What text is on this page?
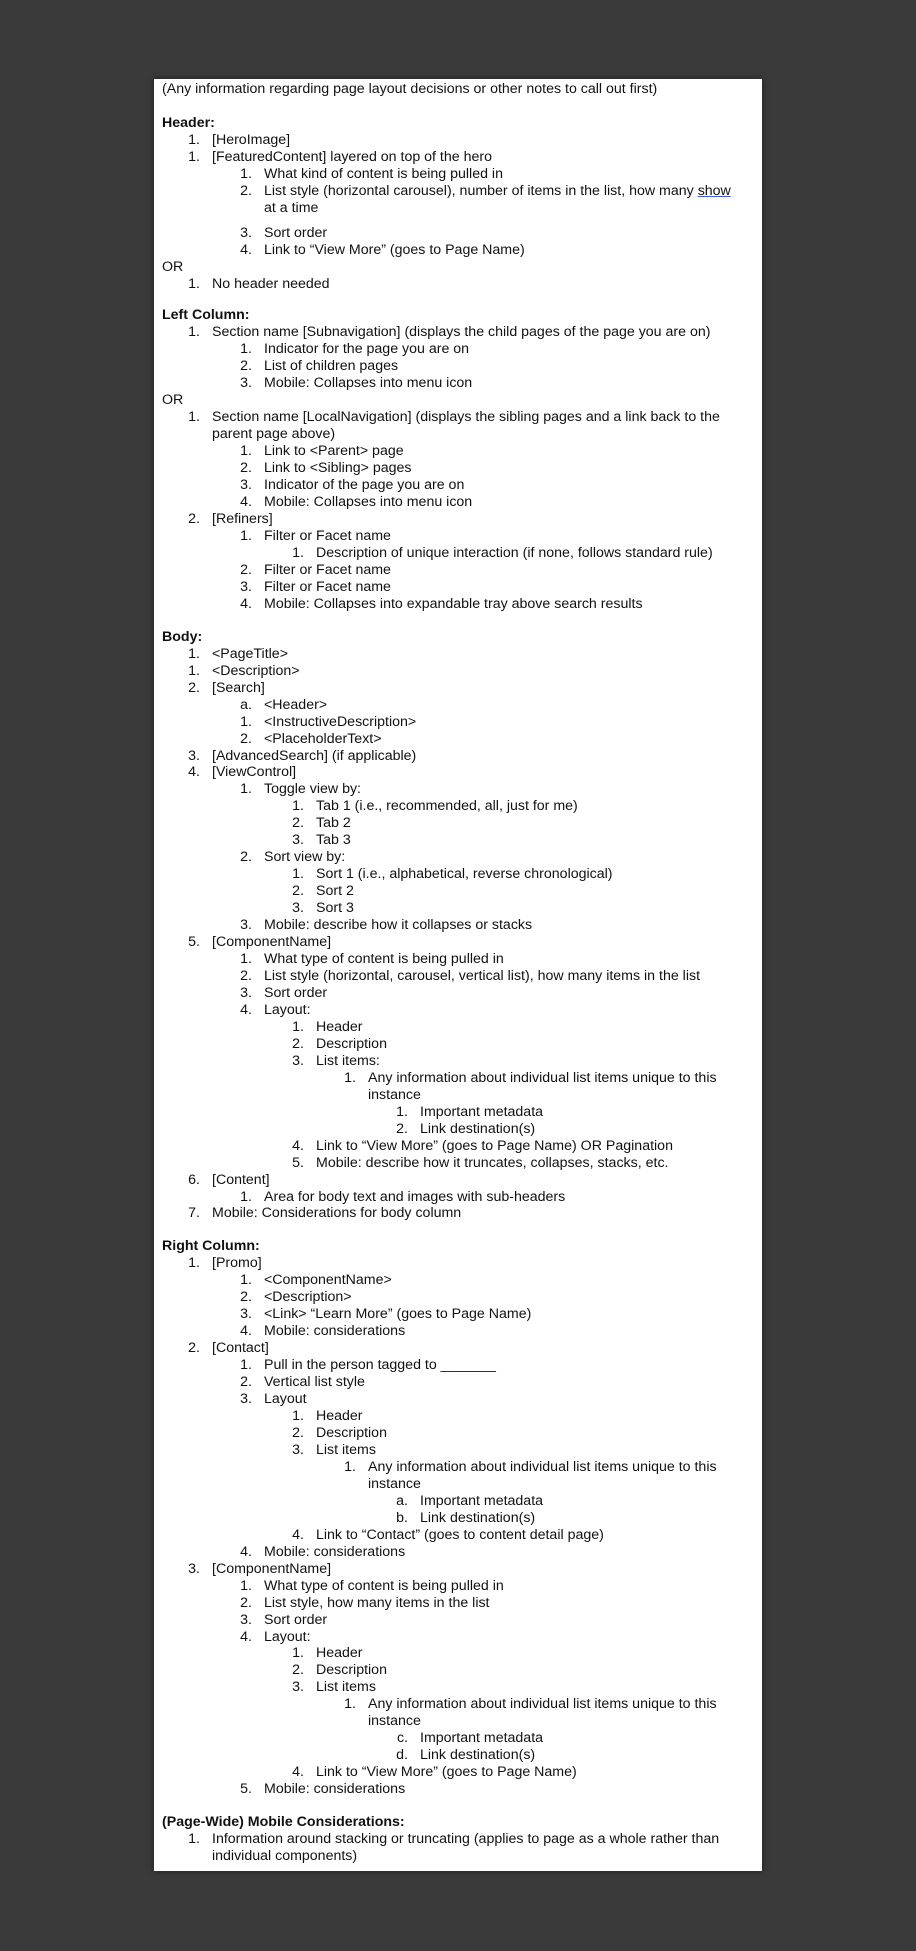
(Any information regarding page layout decisions or other notes to call out first)
Header:
1. [HeroImage]
1. [FeaturedContent] layered on top of the hero
1. What kind of content is being pulled in
2. List style (horizontal carousel), number of items in the list, how many show
3. Sort order
4. Link to “View More” (goes to Page Name)
at a time
OR
1. No header needed
Left Column:
1. Section name [Subnavigation] (displays the child pages of the page you are on)
1. Indicator for the page you are on
2. List of children pages
3. Mobile: Collapses into menu icon
OR
1. Section name [LocalNavigation] (displays the sibling pages and a link back to the
parent page above)
1. Link to <Parent> page
2. Link to <Sibling> pages
3. Indicator of the page you are on
4. Mobile: Collapses into menu icon
2. [Refiners]
1. Filter or Facet name
1. Description of unique interaction (if none, follows standard rule)
2. Filter or Facet name
3. Filter or Facet name
4. Mobile: Collapses into expandable tray above search results
Body:
1. <PageTitle>
1. <Description>
2. [Search]
a. <Header>
1. <InstructiveDescription>
2. <PlaceholderText>
3. [AdvancedSearch] (if applicable)
4. [ViewControl]
1. Toggle view by:
1. Tab 1 (i.e., recommended, all, just for me)
2. Tab 2
3. Tab 3
2. Sort view by:
1. Sort 1 (i.e., alphabetical, reverse chronological)
2. Sort 2
3. Sort 3
3. Mobile: describe how it collapses or stacks
5. [ComponentName]
1. What type of content is being pulled in
2. List style (horizontal, carousel, vertical list), how many items in the list
3. Sort order
4. Layout:
1. Header
2. Description
3. List items:
1. Any information about individual list items unique to this
instance
1. Important metadata
2. Link destination(s)
4. Link to “View More” (goes to Page Name) OR Pagination
5. Mobile: describe how it truncates, collapses, stacks, etc.
6. [Content]
1. Area for body text and images with sub-headers
7. Mobile: Considerations for body column
Right Column:
1. [Promo]
1. <ComponentName>
2. <Description>
3. <Link> “Learn More” (goes to Page Name)
4. Mobile: considerations
2. [Contact]
1. Pull in the person tagged to _______
2. Vertical list style
3. Layout
1. Header
2. Description
3. List items
1. Any information about individual list items unique to this
instance
a. Important metadata
b. Link destination(s)
4. Link to “Contact” (goes to content detail page)
4. Mobile: considerations
3. [ComponentName]
1. What type of content is being pulled in
2. List style, how many items in the list
3. Sort order
4. Layout:
1. Header
2. Description
3. List items
1. Any information about individual list items unique to this
instance
c. Important metadata
d. Link destination(s)
4. Link to “View More” (goes to Page Name)
5. Mobile: considerations
(Page-Wide) Mobile Considerations:
1. Information around stacking or truncating (applies to page as a whole rather than
individual components)
